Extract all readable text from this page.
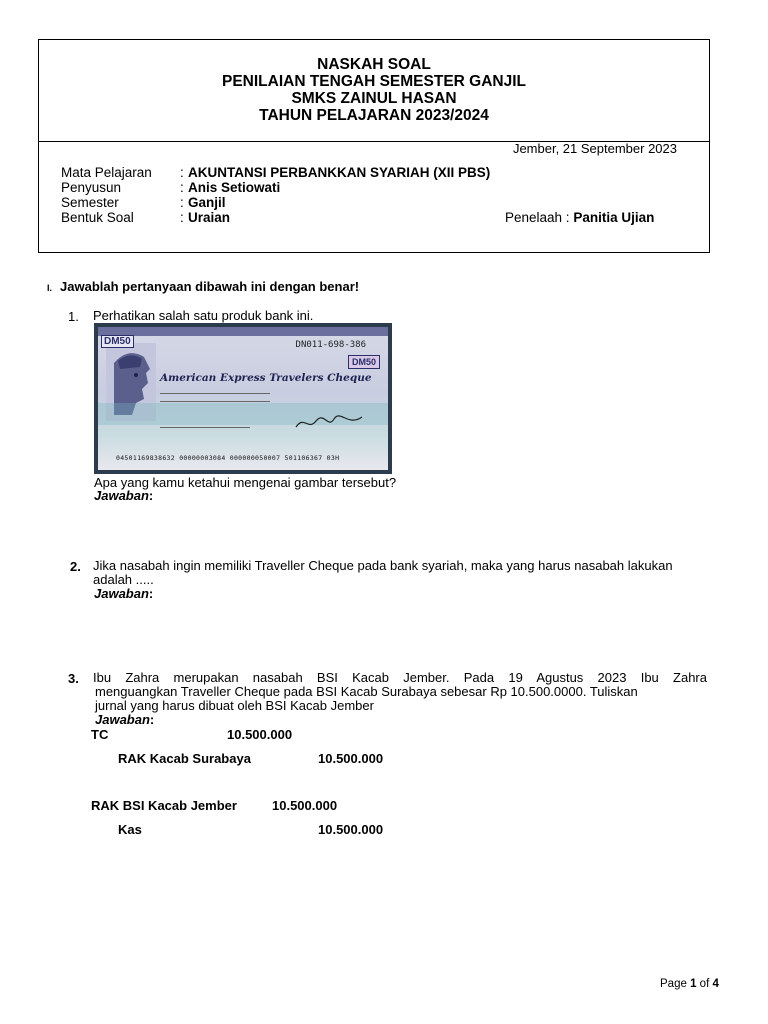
NASKAH SOAL
PENILAIAN TENGAH SEMESTER GANJIL
SMKS ZAINUL HASAN
TAHUN PELAJARAN 2023/2024
Jember, 21 September 2023
Mata Pelajaran	: AKUNTANSI PERBANKKAN SYARIAH (XII PBS)
Penyusun	: Anis Setiowati
Semester	: Ganjil
Bentuk Soal	: Uraian	Penelaah : Panitia Ujian
I. Jawablah pertanyaan dibawah ini dengan benar!
1. Perhatikan salah satu produk bank ini.
DM50	DN011-698-386
DM50
American Express Travelers Cheque
04501169838632 00000003084 000000050007 501106367 03H
Apa yang kamu ketahui mengenai gambar tersebut?
Jawaban:
2. Jika nasabah ingin memiliki Traveller Cheque pada bank syariah, maka yang harus nasabah lakukan
adalah .....
Jawaban:
3. Ibu Zahra merupakan nasabah BSI Kacab Jember. Pada 19 Agustus 2023 Ibu Zahra
menguangkan Traveller Cheque pada BSI Kacab Surabaya sebesar Rp 10.500.0000. Tuliskan
jurnal yang harus dibuat oleh BSI Kacab Jember
Jawaban:
TC	10.500.000
RAK Kacab Surabaya	10.500.000
RAK BSI Kacab Jember	10.500.000
Kas	10.500.000
Page 1 of 4
